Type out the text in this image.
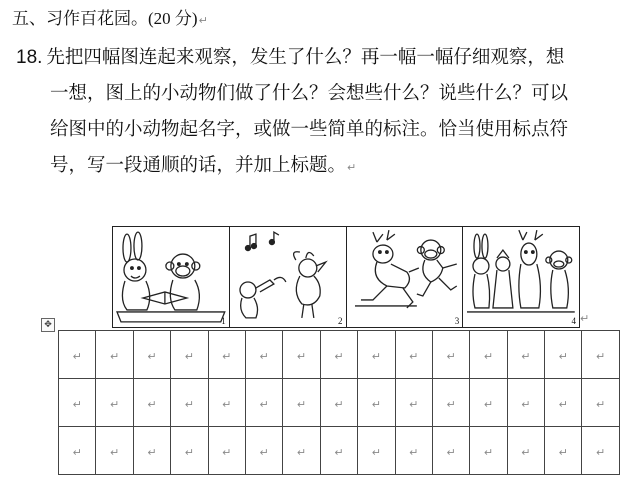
五、习作百花园。(20 分)↵
18. 先把四幅图连起来观察，发生了什么？再一幅一幅仔细观察，想
一想，图上的小动物们做了什么？会想些什么？说些什么？可以
给图中的小动物起名字，或做一些简单的标注。恰当使用标点符
号，写一段通顺的话，并加上标题。↵
1	2	3	4 ↵
✥
↵	↵	↵	↵	↵	↵	↵	↵	↵	↵	↵	↵	↵	↵	↵
↵	↵	↵	↵	↵	↵	↵	↵	↵	↵	↵	↵	↵	↵	↵
↵	↵	↵	↵	↵	↵	↵	↵	↵	↵	↵	↵	↵	↵	↵
